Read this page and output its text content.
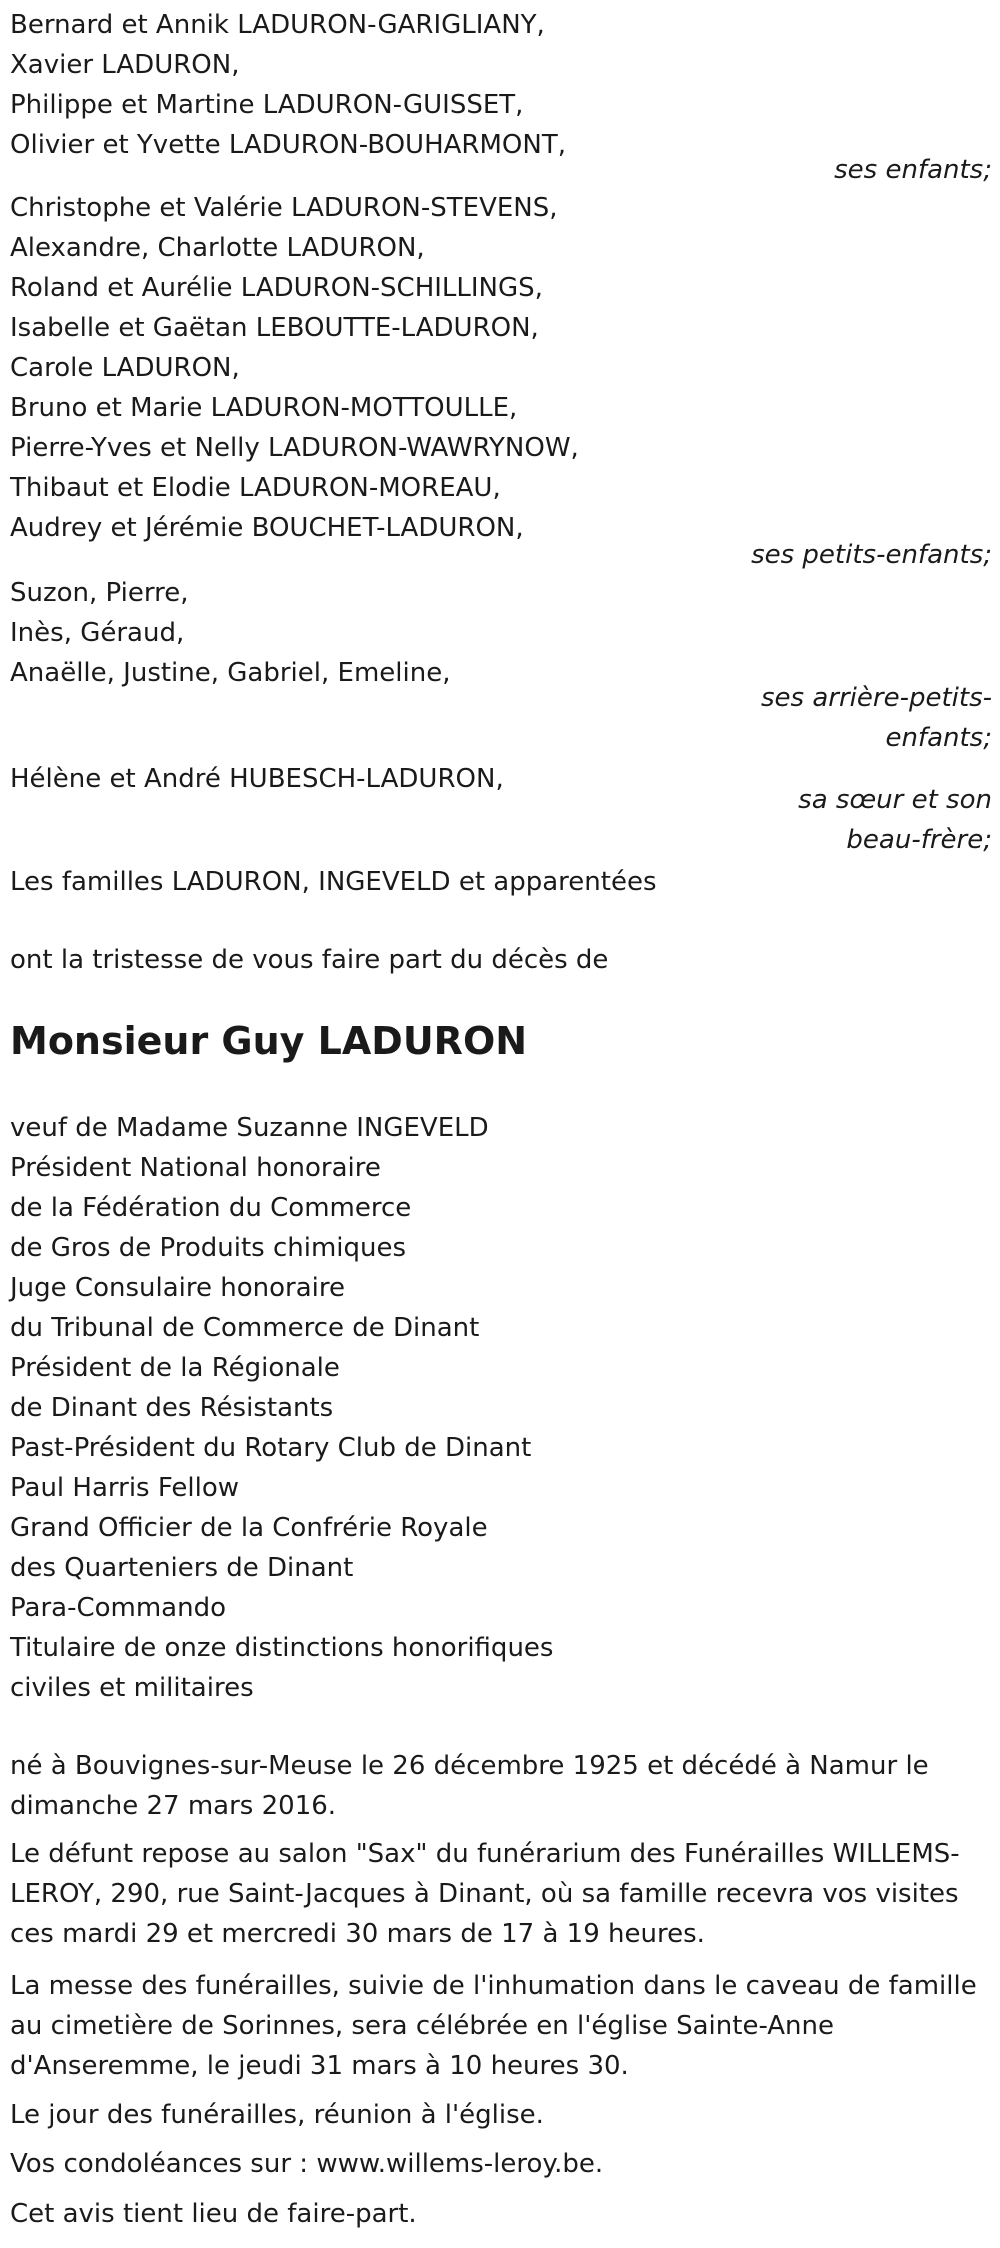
Bernard et Annik LADURON-GARIGLIANY,
Xavier LADURON,
Philippe et Martine LADURON-GUISSET,
Olivier et Yvette LADURON-BOUHARMONT,
ses enfants;
Christophe et Valérie LADURON-STEVENS,
Alexandre, Charlotte LADURON,
Roland et Aurélie LADURON-SCHILLINGS,
Isabelle et Gaëtan LEBOUTTE-LADURON,
Carole LADURON,
Bruno et Marie LADURON-MOTTOULLE,
Pierre-Yves et Nelly LADURON-WAWRYNOW,
Thibaut et Elodie LADURON-MOREAU,
Audrey et Jérémie BOUCHET-LADURON,
ses petits-enfants;
Suzon, Pierre,
Inès, Géraud,
Anaëlle, Justine, Gabriel, Emeline,
ses arrière-petits-
enfants;
Hélène et André HUBESCH-LADURON,
sa sœur et son
beau-frère;
Les familles LADURON, INGEVELD et apparentées
ont la tristesse de vous faire part du décès de
Monsieur Guy LADURON
veuf de Madame Suzanne INGEVELD
Président National honoraire
de la Fédération du Commerce
de Gros de Produits chimiques
Juge Consulaire honoraire
du Tribunal de Commerce de Dinant
Président de la Régionale
de Dinant des Résistants
Past-Président du Rotary Club de Dinant
Paul Harris Fellow
Grand Officier de la Confrérie Royale
des Quarteniers de Dinant
Para-Commando
Titulaire de onze distinctions honorifiques
civiles et militaires
né à Bouvignes-sur-Meuse le 26 décembre 1925 et décédé à Namur le
dimanche 27 mars 2016.
Le défunt repose au salon "Sax" du funérarium des Funérailles WILLEMS-
LEROY, 290, rue Saint-Jacques à Dinant, où sa famille recevra vos visites
ces mardi 29 et mercredi 30 mars de 17 à 19 heures.
La messe des funérailles, suivie de l'inhumation dans le caveau de famille
au cimetière de Sorinnes, sera célébrée en l'église Sainte-Anne
d'Anseremme, le jeudi 31 mars à 10 heures 30.
Le jour des funérailles, réunion à l'église.
Vos condoléances sur : www.willems-leroy.be.
Cet avis tient lieu de faire-part.
